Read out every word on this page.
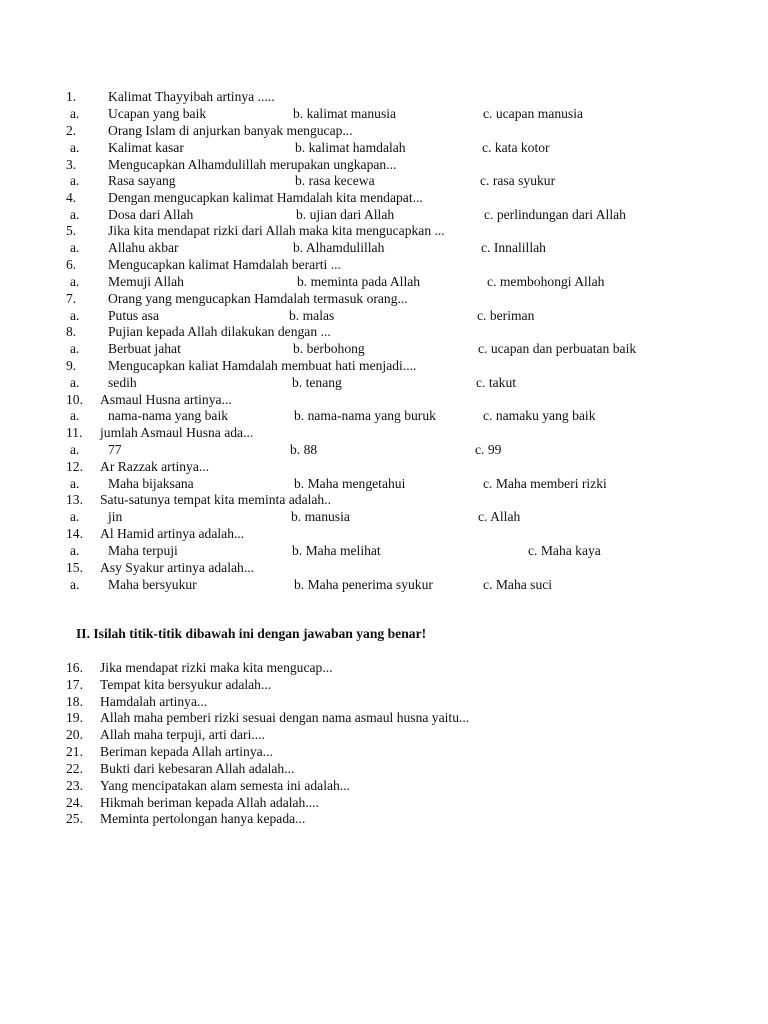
1. Kalimat Thayyibah artinya .....
a. Ucapan yang baik	b. kalimat manusia	c. ucapan manusia
2. Orang Islam di anjurkan banyak mengucap...
a. Kalimat kasar	b. kalimat hamdalah	c. kata kotor
3. Mengucapkan Alhamdulillah merupakan ungkapan...
a. Rasa sayang	b. rasa kecewa	c. rasa syukur
4. Dengan mengucapkan kalimat Hamdalah kita mendapat...
a. Dosa dari Allah	b. ujian dari Allah	c. perlindungan dari Allah
5. Jika kita mendapat rizki dari Allah maka kita mengucapkan ...
a. Allahu akbar	b. Alhamdulillah	c. Innalillah
6. Mengucapkan kalimat Hamdalah berarti ...
a. Memuji Allah	b. meminta pada Allah	c. membohongi Allah
7. Orang yang mengucapkan Hamdalah termasuk orang...
a. Putus asa	b. malas	c. beriman
8. Pujian kepada Allah dilakukan dengan ...
a. Berbuat jahat	b. berbohong	c. ucapan dan perbuatan baik
9. Mengucapkan kaliat Hamdalah membuat hati menjadi....
a. sedih	b. tenang	c. takut
10. Asmaul Husna artinya...
a. nama-nama yang baik	b. nama-nama yang buruk	c. namaku yang baik
11. jumlah Asmaul Husna ada...
a. 77	b. 88	c. 99
12. Ar Razzak artinya...
a. Maha bijaksana	b. Maha mengetahui	c. Maha memberi rizki
13. Satu-satunya tempat kita meminta adalah..
a. jin	b. manusia	c. Allah
14. Al Hamid artinya adalah...
a. Maha terpuji	b. Maha melihat	c. Maha kaya
15. Asy Syakur artinya adalah...
a. Maha bersyukur	b. Maha penerima syukur	c. Maha suci
II. Isilah titik-titik dibawah ini dengan jawaban yang benar!
16. Jika mendapat rizki maka kita mengucap...
17. Tempat kita bersyukur adalah...
18. Hamdalah artinya...
19. Allah maha pemberi rizki sesuai dengan nama asmaul husna yaitu...
20. Allah maha terpuji, arti dari....
21. Beriman kepada Allah artinya...
22. Bukti dari kebesaran Allah adalah...
23. Yang mencipatakan alam semesta ini adalah...
24. Hikmah beriman kepada Allah adalah....
25. Meminta pertolongan hanya kepada...
